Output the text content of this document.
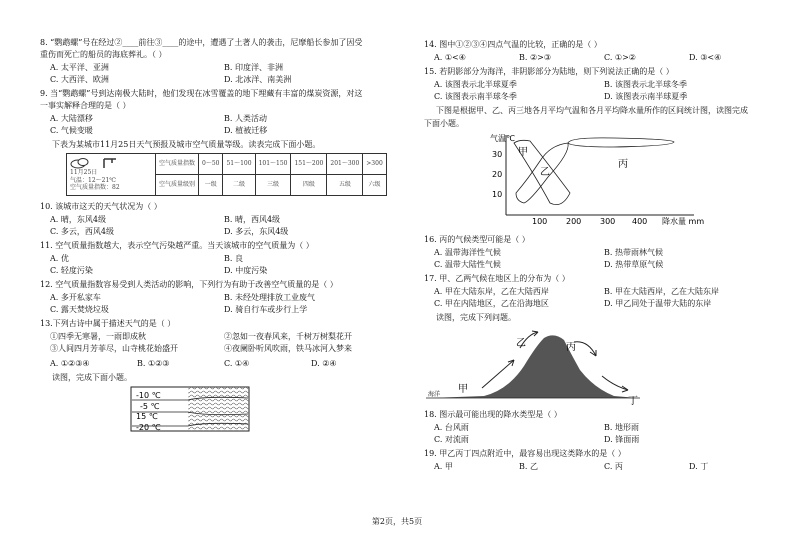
8. “鹦鹉螺”号在经过②____前往③____的途中，遭遇了土著人的袭击，尼摩船长参加了因受
重伤而死亡的船员的海底葬礼。（ ）
A. 太平洋、亚洲	B. 印度洋、非洲
C. 大西洋、欧洲	D. 北冰洋、南美洲
9. 当“鹦鹉螺”号到达南极大陆时，他们发现在冰雪覆盖的地下埋藏有丰富的煤炭资源，对这
一事实解释合理的是（ ）
A. 大陆漂移	B. 人类活动
C. 气候变暖	D. 植被迁移
下表为某城市11月25日天气预报及城市空气质量等级。读表完成下面小题。
11月25日
气温：12～21℃
空气质量指数：82	空气质量指数	0～50	51～100	101～150	151～200	201～300	>300
	空气质量级别	一级	二级	三级	四级	五级	六级
10. 该城市这天的天气状况为（ ）
A. 晴，东风4级	B. 晴，西风4级
C. 多云，西风4级	D. 多云，东风4级
11. 空气质量指数越大，表示空气污染越严重。当天该城市的空气质量为（ ）
A. 优	B. 良
C. 轻度污染	D. 中度污染
12. 空气质量指数容易受到人类活动的影响，下列行为有助于改善空气质量的是（ ）
A. 多开私家车	B. 未经处理排放工业废气
C. 露天焚烧垃圾	D. 骑自行车或步行上学
13.下列古诗中属于描述天气的是（ ）
①四季无寒暑，一雨即成秋	②忽如一夜春风来，千树万树梨花开
③人间四月芳菲尽，山寺桃花始盛开	④夜阑卧听风吹雨，铁马冰河入梦来
A. ①②③④	B. ①②③	C. ①④	D. ②④
读图，完成下面小题。
-10 ℃
-5 ℃
15 ℃
-20 ℃
14. 图中①②③④四点气温的比较，正确的是（ ）
A. ①<④	B. ②>③	C. ①>②	D. ③<④
15. 若阴影部分为海洋，非阴影部分为陆地，则下列说法正确的是（ ）
A. 该图表示北半球夏季	B. 该图表示北半球冬季
C. 该图表示南半球冬季	D. 该图表示南半球夏季
下图是根据甲、乙、丙三地各月平均气温和各月平均降水量所作的区间统计图，读图完成
下面小题。
气温℃
30
20
10
100 200 300 400 降水量 mm
甲
乙
丙
16. 丙的气候类型可能是（ ）
A. 温带海洋性气候	B. 热带雨林气候
C. 温带大陆性气候	D. 热带草原气候
17. 甲、乙两气候在地区上的分布为（ ）
A. 甲在大陆东岸，乙在大陆西岸	B. 甲在大陆西岸，乙在大陆东岸
C. 甲在内陆地区，乙在沿海地区	D. 甲乙同处于温带大陆的东岸
读图，完成下列问题。
海洋 甲
乙	丙
丁
18. 图示最可能出现的降水类型是（ ）
A. 台风雨	B. 地形雨
C. 对流雨	D. 锋面雨
19. 甲乙丙丁四点附近中，最容易出现这类降水的是（ ）
A. 甲	B. 乙	C. 丙	D. 丁
第2页，共5页
